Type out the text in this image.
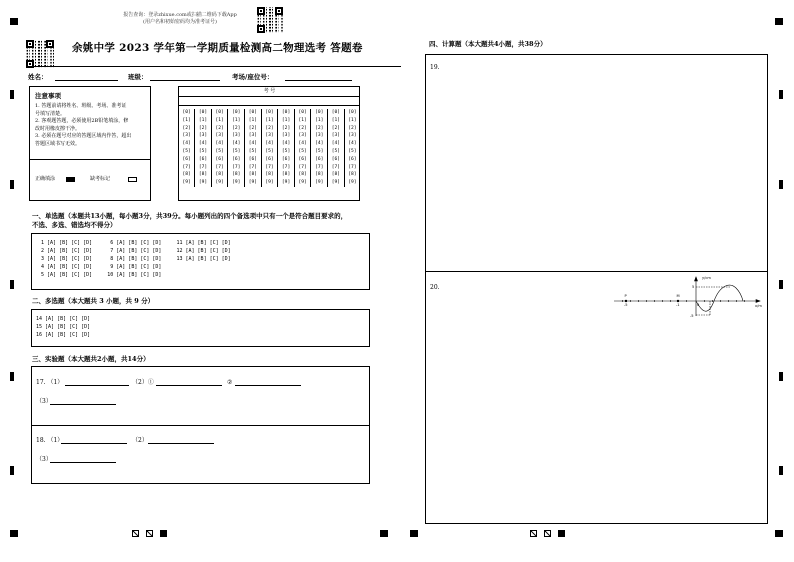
报告查询：登录zhixue.com或扫描二维码下载App
(用户名和初始密码均为准考证号)
余姚中学 2023 学年第一学期质量检测高二物理选考 答题卷
姓名：	班级：	考场/座位号：
注意事项
1. 答题前请将姓名、班级、考场、准考证
号填写清楚。
2. 客观题答题，必须使用2B铅笔填涂，修
改时用橡皮擦干净。
3. 必须在题号对应的答题区域内作答，超出
答题区域书写无效。
正确填涂	缺考标记
考 号
[0]	[0]	[0]	[0]	[0]	[0]	[0]	[0]	[0]	[0]	[0]
[1]	[1]	[1]	[1]	[1]	[1]	[1]	[1]	[1]	[1]	[1]
[2]	[2]	[2]	[2]	[2]	[2]	[2]	[2]	[2]	[2]	[2]
[3]	[3]	[3]	[3]	[3]	[3]	[3]	[3]	[3]	[3]	[3]
[4]	[4]	[4]	[4]	[4]	[4]	[4]	[4]	[4]	[4]	[4]
[5]	[5]	[5]	[5]	[5]	[5]	[5]	[5]	[5]	[5]	[5]
[6]	[6]	[6]	[6]	[6]	[6]	[6]	[6]	[6]	[6]	[6]
[7]	[7]	[7]	[7]	[7]	[7]	[7]	[7]	[7]	[7]	[7]
[8]	[8]	[8]	[8]	[8]	[8]	[8]	[8]	[8]	[8]	[8]
[9]	[9]	[9]	[9]	[9]	[9]	[9]	[9]	[9]	[9]	[9]
一、单选题（本题共13小题，每小题3分，共39分。每小题列出的四个备选项中只有一个是符合题目要求的，
不选、多选、错选均不得分）
1 [A] [B] [C] [D]      6 [A] [B] [C] [D]     11 [A] [B] [C] [D]
2 [A] [B] [C] [D]      7 [A] [B] [C] [D]     12 [A] [B] [C] [D]
3 [A] [B] [C] [D]      8 [A] [B] [C] [D]     13 [A] [B] [C] [D]
4 [A] [B] [C] [D]      9 [A] [B] [C] [D]
5 [A] [B] [C] [D]     10 [A] [B] [C] [D]
二、多选题（本大题共 3 小题，共 9 分）
14 [A] [B] [C] [D]
15 [A] [B] [C] [D]
16 [A] [B] [C] [D]
三、实验题（本大题共2小题，共14分）
17. （1）	（2）①	②
（3）
18. （1）	（2）
（3）
四、计算题（本大题共4小题，共38分）
19.
20.
y/cm
x/m
5
-5
P	M
-5	-1	0
